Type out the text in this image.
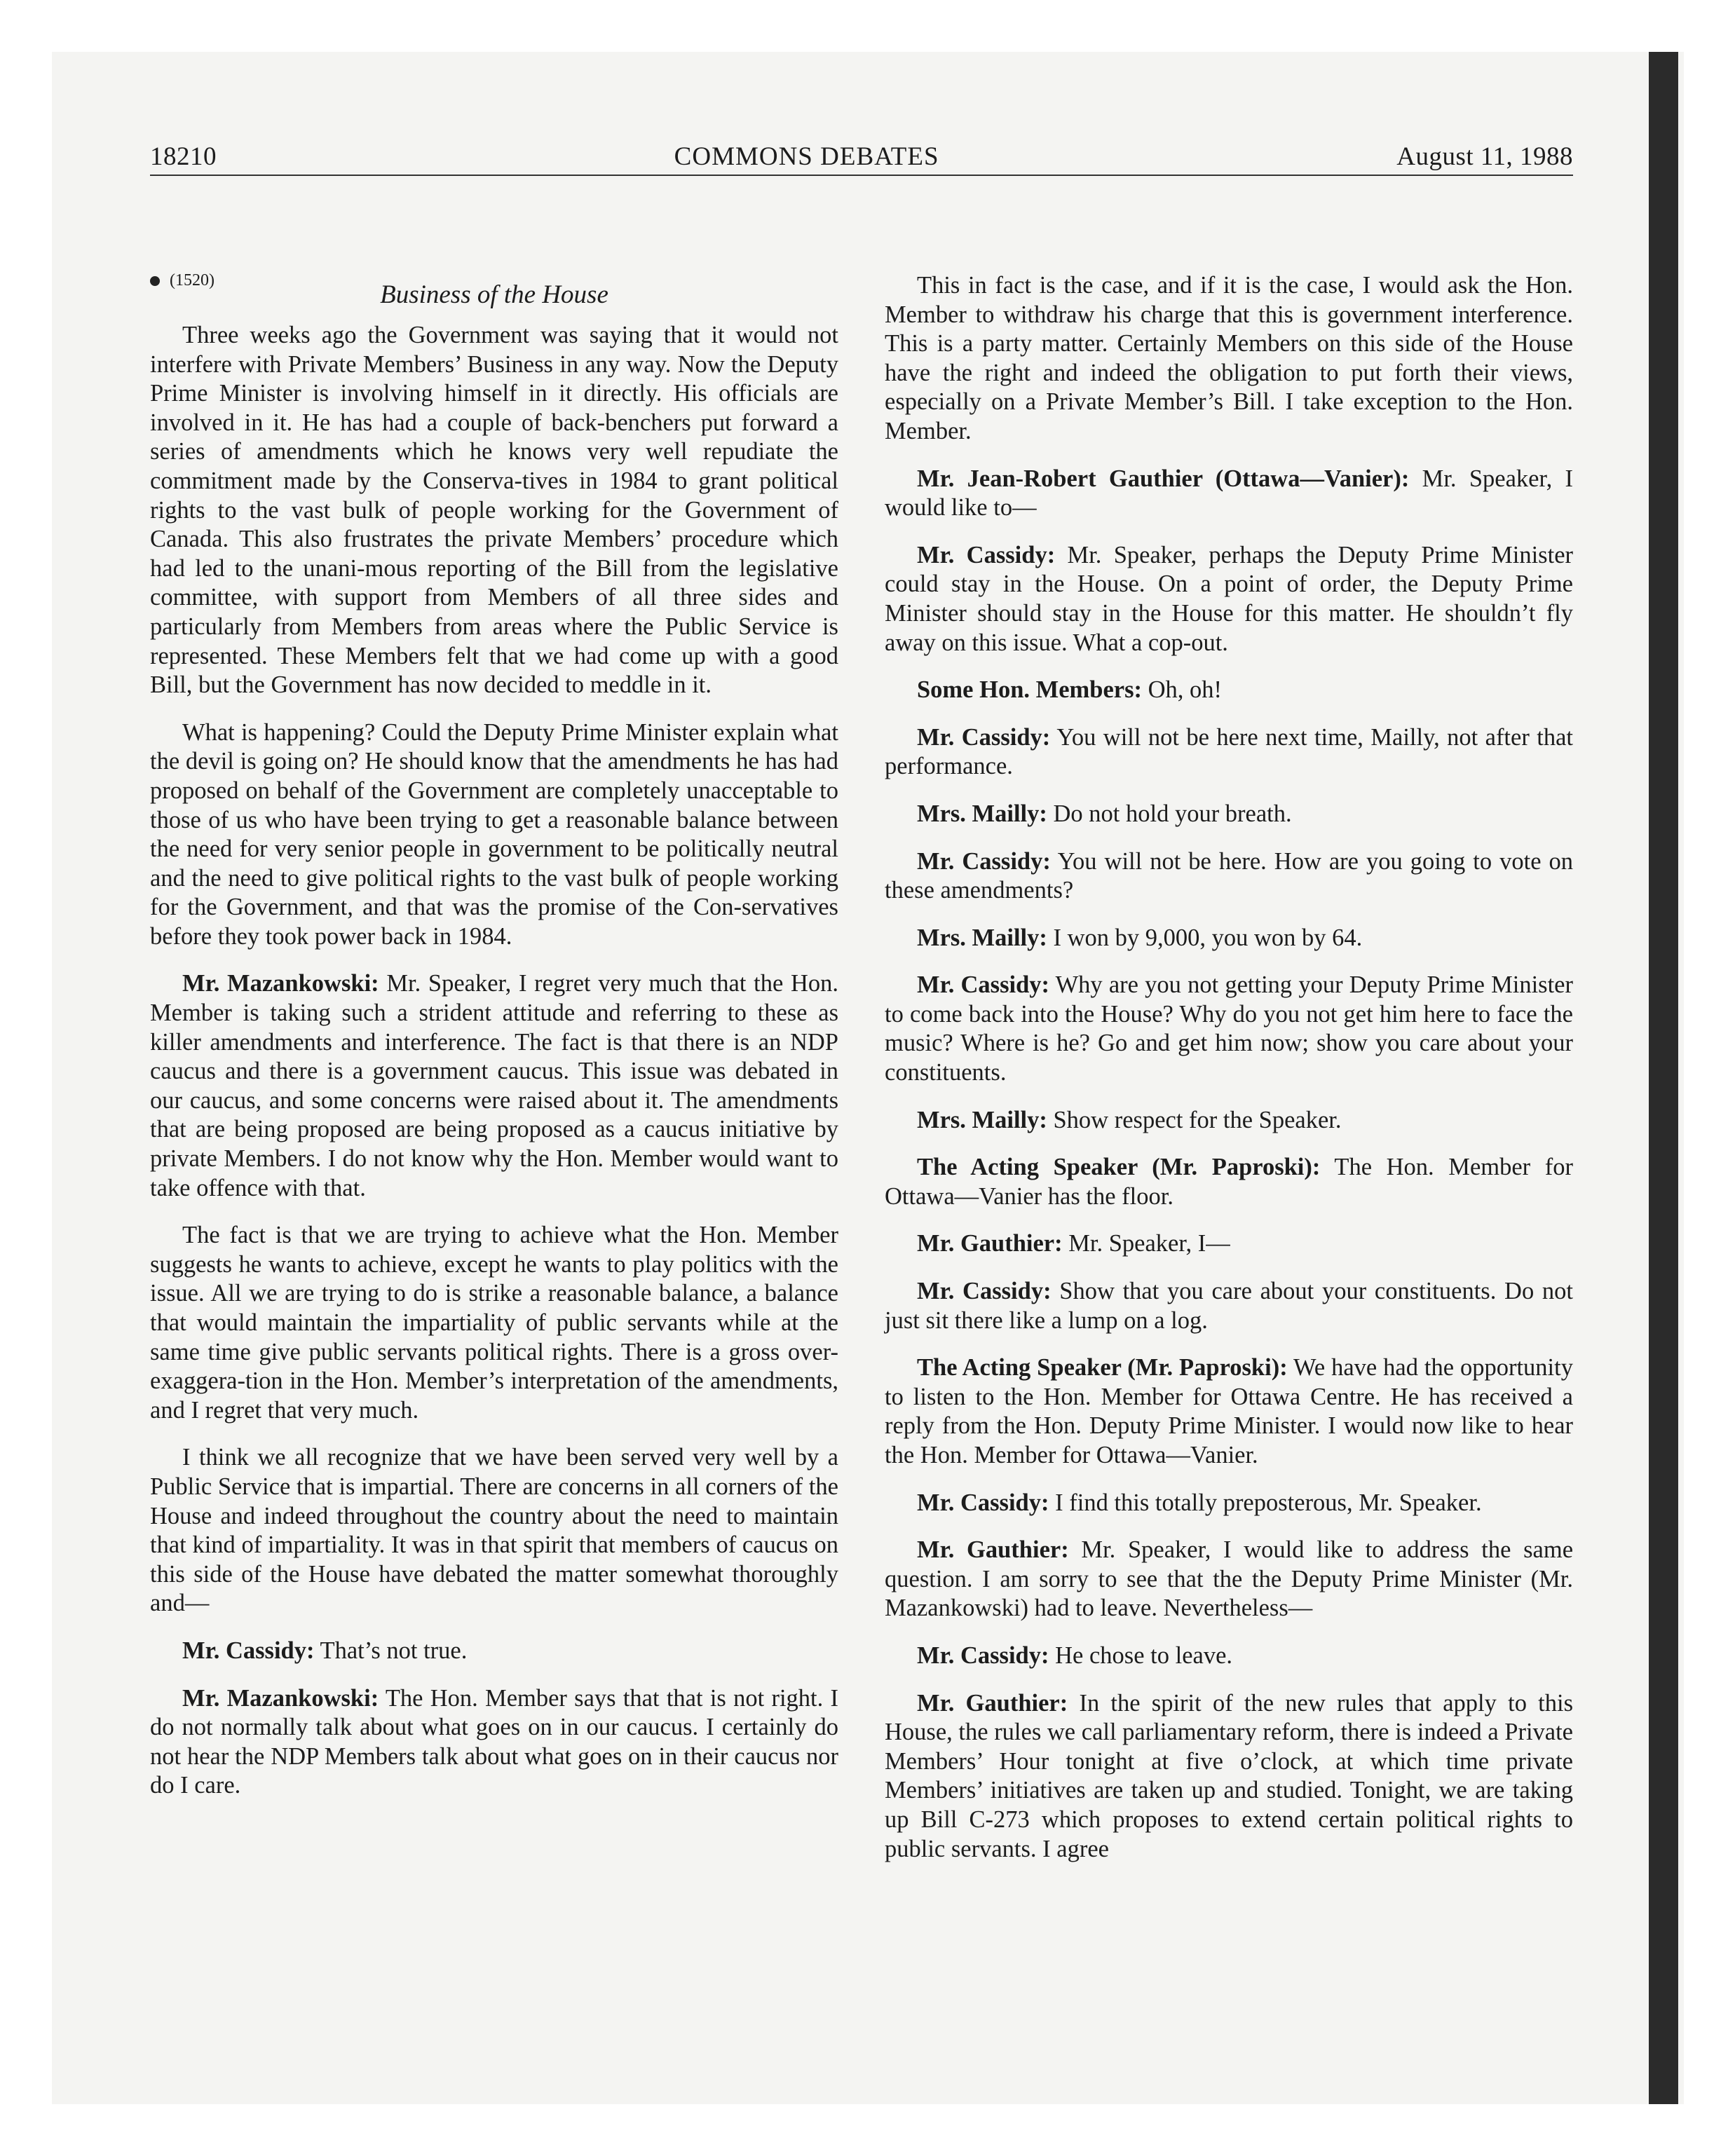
18210	COMMONS DEBATES	August 11, 1988
Business of the House
(1520)

Three weeks ago the Government was saying that it would not interfere with Private Members’ Business in any way. Now the Deputy Prime Minister is involving himself in it directly. His officials are involved in it. He has had a couple of back-benchers put forward a series of amendments which he knows very well repudiate the commitment made by the Conserva-tives in 1984 to grant political rights to the vast bulk of people working for the Government of Canada. This also frustrates the private Members’ procedure which had led to the unani-mous reporting of the Bill from the legislative committee, with support from Members of all three sides and particularly from Members from areas where the Public Service is represented. These Members felt that we had come up with a good Bill, but the Government has now decided to meddle in it.

What is happening? Could the Deputy Prime Minister explain what the devil is going on? He should know that the amendments he has had proposed on behalf of the Government are completely unacceptable to those of us who have been trying to get a reasonable balance between the need for very senior people in government to be politically neutral and the need to give political rights to the vast bulk of people working for the Government, and that was the promise of the Con-servatives before they took power back in 1984.

Mr. Mazankowski: Mr. Speaker, I regret very much that the Hon. Member is taking such a strident attitude and referring to these as killer amendments and interference. The fact is that there is an NDP caucus and there is a government caucus. This issue was debated in our caucus, and some concerns were raised about it. The amendments that are being proposed are being proposed as a caucus initiative by private Members. I do not know why the Hon. Member would want to take offence with that.

The fact is that we are trying to achieve what the Hon. Member suggests he wants to achieve, except he wants to play politics with the issue. All we are trying to do is strike a reasonable balance, a balance that would maintain the impartiality of public servants while at the same time give public servants political rights. There is a gross over-exaggera-tion in the Hon. Member’s interpretation of the amendments, and I regret that very much.

I think we all recognize that we have been served very well by a Public Service that is impartial. There are concerns in all corners of the House and indeed throughout the country about the need to maintain that kind of impartiality. It was in that spirit that members of caucus on this side of the House have debated the matter somewhat thoroughly and—

Mr. Cassidy: That’s not true.

Mr. Mazankowski: The Hon. Member says that that is not right. I do not normally talk about what goes on in our caucus. I certainly do not hear the NDP Members talk about what goes on in their caucus nor do I care.

This in fact is the case, and if it is the case, I would ask the Hon. Member to withdraw his charge that this is government interference. This is a party matter. Certainly Members on this side of the House have the right and indeed the obligation to put forth their views, especially on a Private Member’s Bill. I take exception to the Hon. Member.

Mr. Jean-Robert Gauthier (Ottawa—Vanier): Mr. Speaker, I would like to—

Mr. Cassidy: Mr. Speaker, perhaps the Deputy Prime Minister could stay in the House. On a point of order, the Deputy Prime Minister should stay in the House for this matter. He shouldn’t fly away on this issue. What a cop-out.

Some Hon. Members: Oh, oh!

Mr. Cassidy: You will not be here next time, Mailly, not after that performance.

Mrs. Mailly: Do not hold your breath.

Mr. Cassidy: You will not be here. How are you going to vote on these amendments?

Mrs. Mailly: I won by 9,000, you won by 64.

Mr. Cassidy: Why are you not getting your Deputy Prime Minister to come back into the House? Why do you not get him here to face the music? Where is he? Go and get him now; show you care about your constituents.

Mrs. Mailly: Show respect for the Speaker.

The Acting Speaker (Mr. Paproski): The Hon. Member for Ottawa—Vanier has the floor.

Mr. Gauthier: Mr. Speaker, I—

Mr. Cassidy: Show that you care about your constituents. Do not just sit there like a lump on a log.

The Acting Speaker (Mr. Paproski): We have had the opportunity to listen to the Hon. Member for Ottawa Centre. He has received a reply from the Hon. Deputy Prime Minister. I would now like to hear the Hon. Member for Ottawa—Vanier.

Mr. Cassidy: I find this totally preposterous, Mr. Speaker.

Mr. Gauthier: Mr. Speaker, I would like to address the same question. I am sorry to see that the the Deputy Prime Minister (Mr. Mazankowski) had to leave. Nevertheless—

Mr. Cassidy: He chose to leave.

Mr. Gauthier: In the spirit of the new rules that apply to this House, the rules we call parliamentary reform, there is indeed a Private Members’ Hour tonight at five o’clock, at which time private Members’ initiatives are taken up and studied. Tonight, we are taking up Bill C-273 which proposes to extend certain political rights to public servants. I agree
